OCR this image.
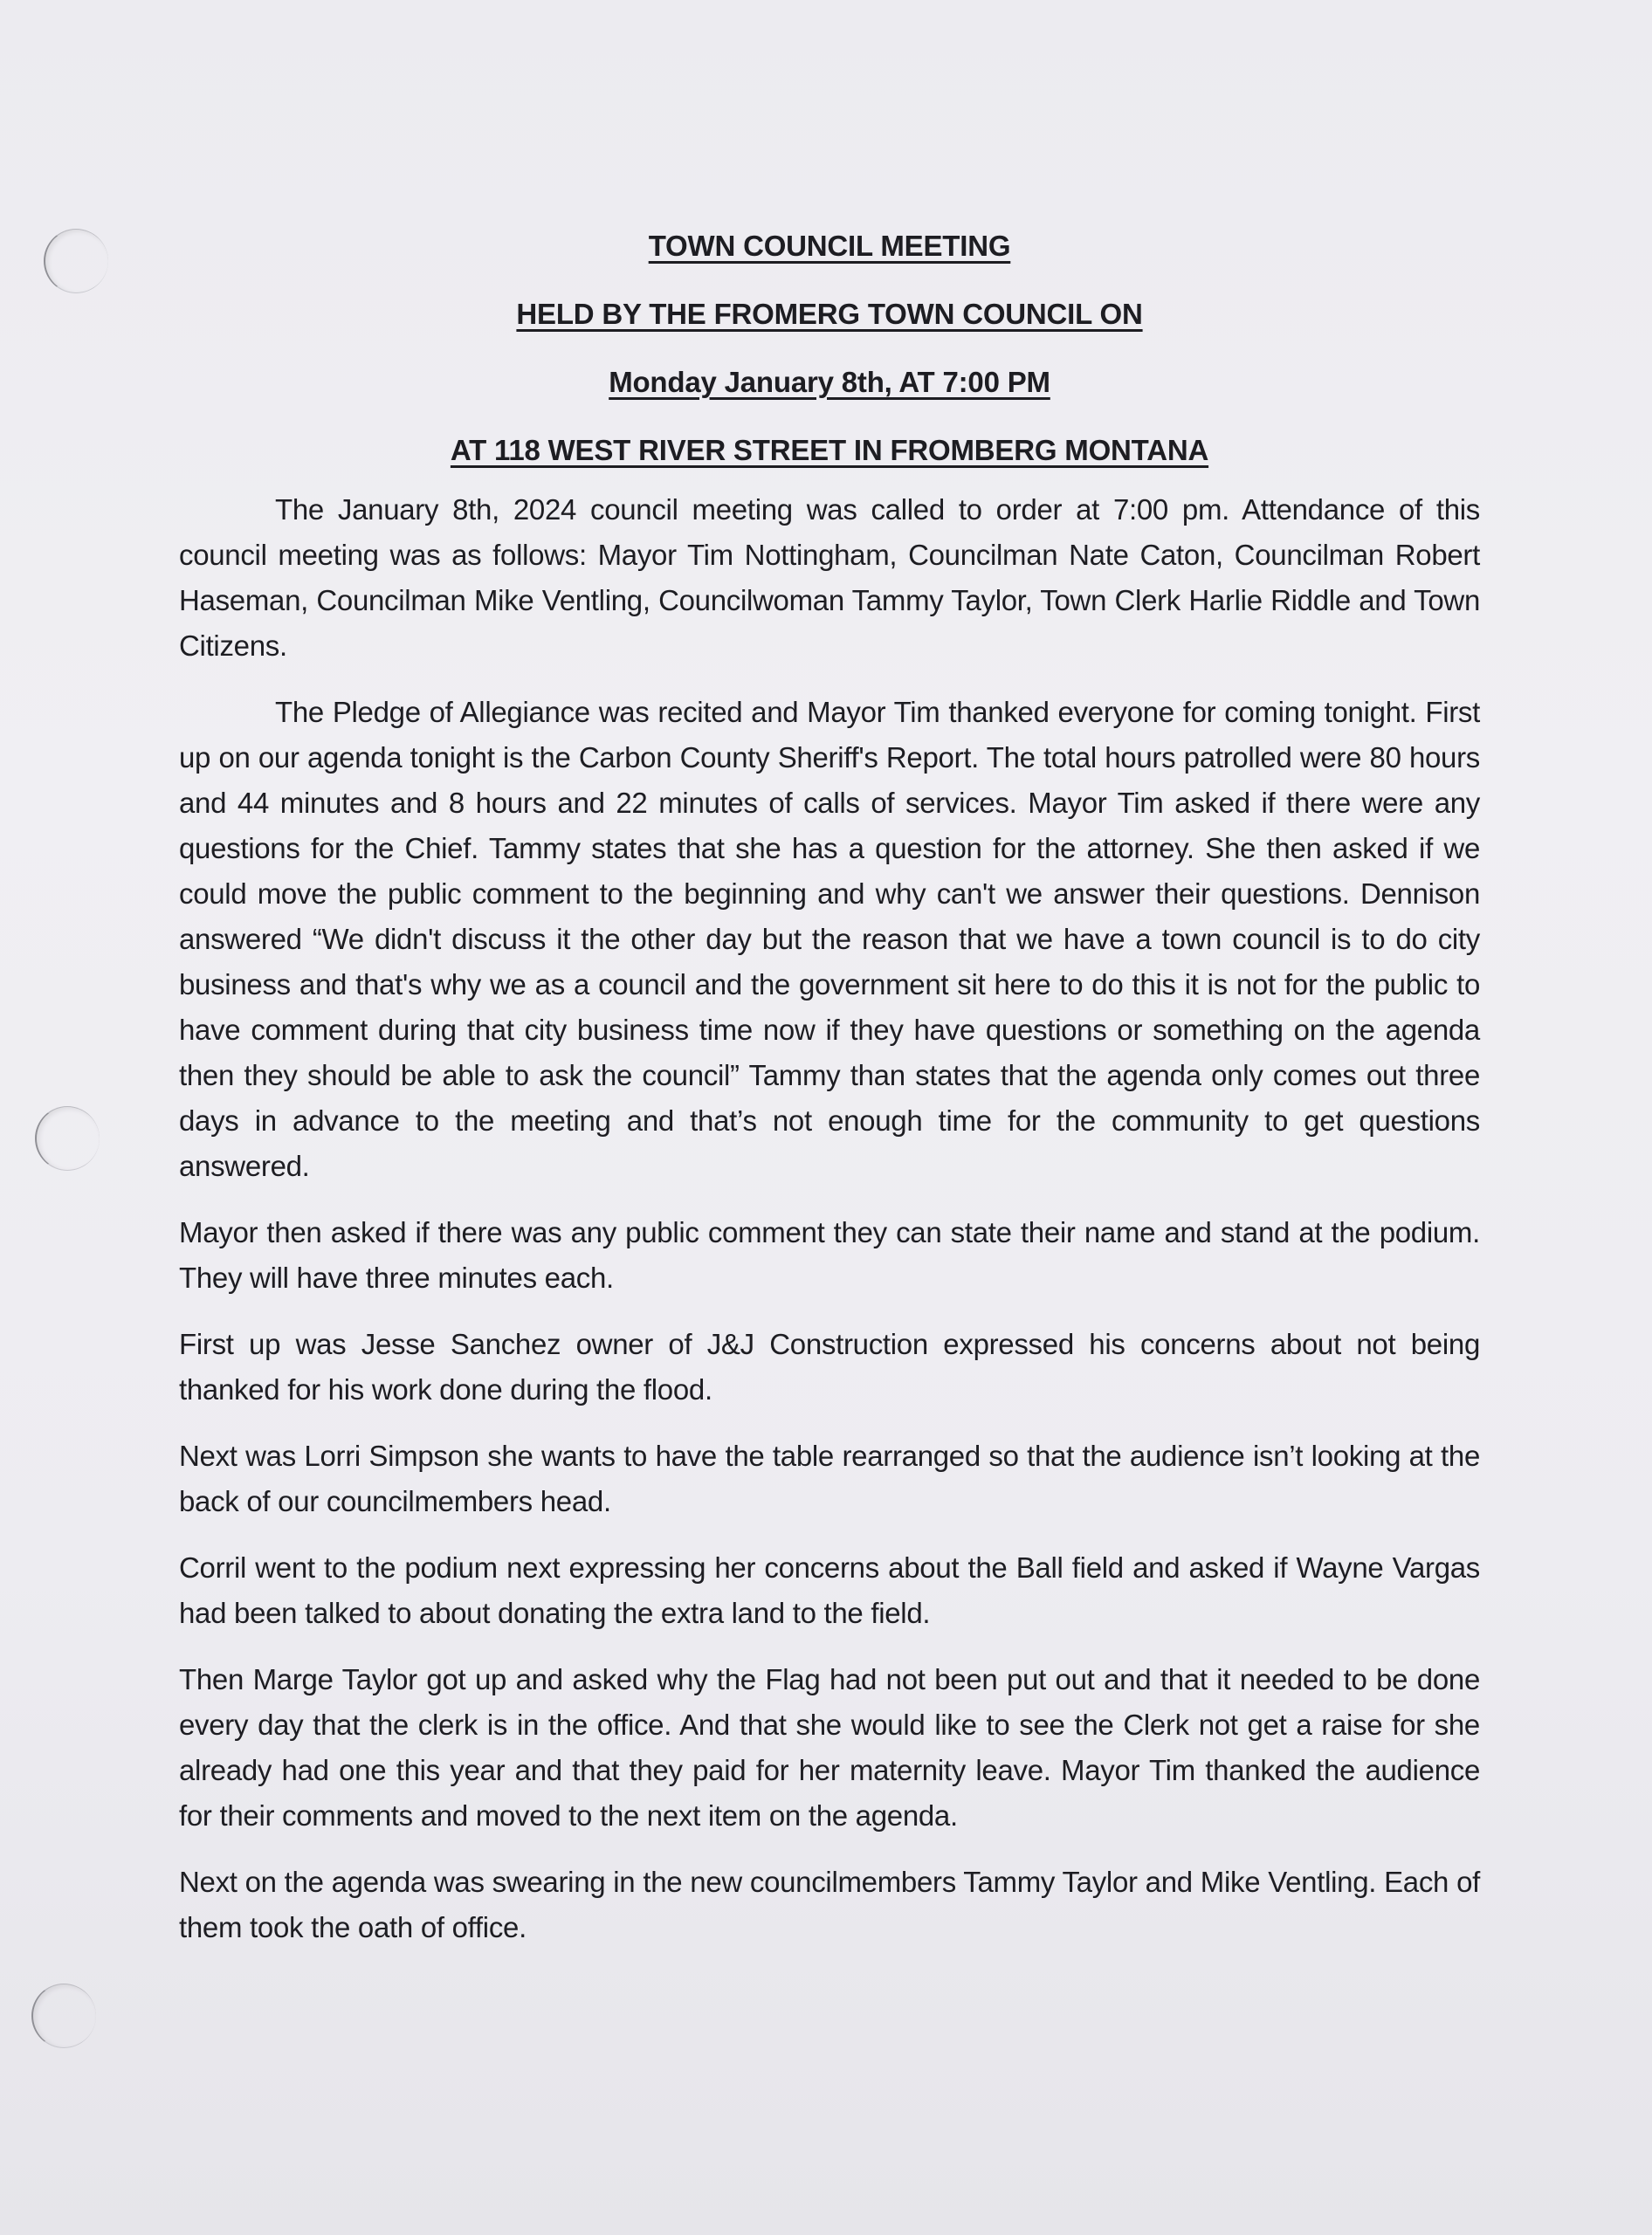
TOWN COUNCIL MEETING

HELD BY THE FROMERG TOWN COUNCIL ON

Monday January 8th, AT 7:00 PM

AT 118 WEST RIVER STREET IN FROMBERG MONTANA

The January 8th, 2024 council meeting was called to order at 7:00 pm. Attendance of this council meeting was as follows: Mayor Tim Nottingham, Councilman Nate Caton, Councilman Robert Haseman, Councilman Mike Ventling, Councilwoman Tammy Taylor, Town Clerk Harlie Riddle and Town Citizens.

The Pledge of Allegiance was recited and Mayor Tim thanked everyone for coming tonight. First up on our agenda tonight is the Carbon County Sheriff's Report. The total hours patrolled were 80 hours and 44 minutes and 8 hours and 22 minutes of calls of services. Mayor Tim asked if there were any questions for the Chief. Tammy states that she has a question for the attorney. She then asked if we could move the public comment to the beginning and why can't we answer their questions. Dennison answered “We didn't discuss it the other day but the reason that we have a town council is to do city business and that's why we as a council and the government sit here to do this it is not for the public to have comment during that city business time now if they have questions or something on the agenda then they should be able to ask the council” Tammy than states that the agenda only comes out three days in advance to the meeting and that’s not enough time for the community to get questions answered.

Mayor then asked if there was any public comment they can state their name and stand at the podium. They will have three minutes each.

First up was Jesse Sanchez owner of J&J Construction expressed his concerns about not being thanked for his work done during the flood.

Next was Lorri Simpson she wants to have the table rearranged so that the audience isn’t looking at the back of our councilmembers head.

Corril went to the podium next expressing her concerns about the Ball field and asked if Wayne Vargas had been talked to about donating the extra land to the field.

Then Marge Taylor got up and asked why the Flag had not been put out and that it needed to be done every day that the clerk is in the office. And that she would like to see the Clerk not get a raise for she already had one this year and that they paid for her maternity leave. Mayor Tim thanked the audience for their comments and moved to the next item on the agenda.

Next on the agenda was swearing in the new councilmembers Tammy Taylor and Mike Ventling. Each of them took the oath of office.
